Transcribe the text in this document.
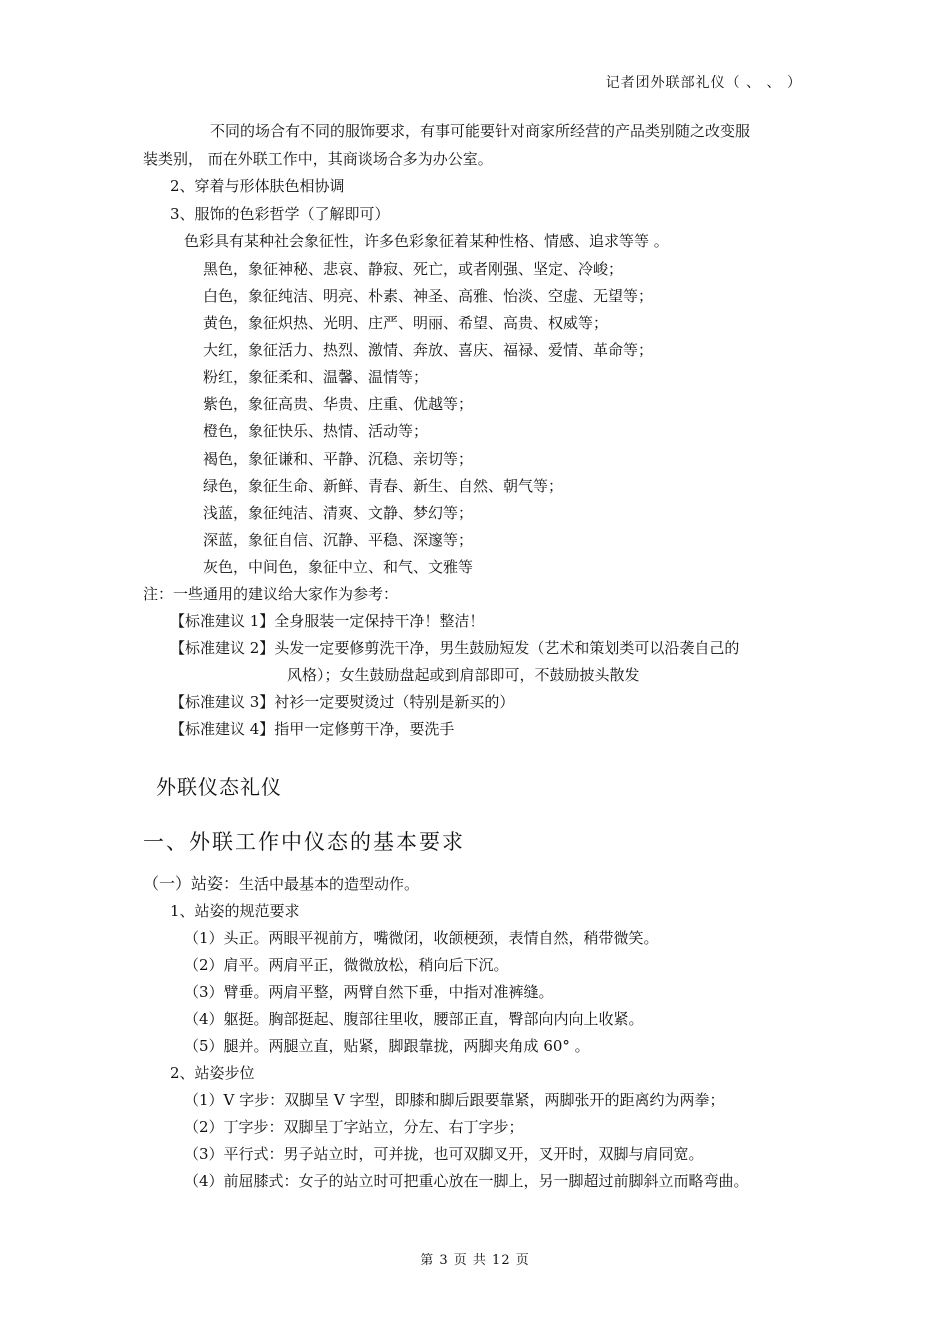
记者团外联部礼仪（ 、 、 ）
不同的场合有不同的服饰要求，有事可能要针对商家所经营的产品类别随之改变服
装类别， 而在外联工作中，其商谈场合多为办公室。
2、穿着与形体肤色相协调
3、服饰的色彩哲学（了解即可）
色彩具有某种社会象征性，许多色彩象征着某种性格、情感、追求等等 。
黑色，象征神秘、悲哀、静寂、死亡，或者刚强、坚定、冷峻；
白色，象征纯洁、明亮、朴素、神圣、高雅、怡淡、空虚、无望等；
黄色，象征炽热、光明、庄严、明丽、希望、高贵、权威等；
大红，象征活力、热烈、激情、奔放、喜庆、福禄、爱情、革命等；
粉红，象征柔和、温馨、温情等；
紫色，象征高贵、华贵、庄重、优越等；
橙色，象征快乐、热情、活动等；
褐色，象征谦和、平静、沉稳、亲切等；
绿色，象征生命、新鲜、青春、新生、自然、朝气等；
浅蓝，象征纯洁、清爽、文静、梦幻等；
深蓝，象征自信、沉静、平稳、深邃等；
灰色，中间色，象征中立、和气、文雅等
注：一些通用的建议给大家作为参考：
【标准建议 1】全身服装一定保持干净！整洁！
【标准建议 2】头发一定要修剪洗干净，男生鼓励短发（艺术和策划类可以沿袭自己的
风格）；女生鼓励盘起或到肩部即可，不鼓励披头散发
【标准建议 3】衬衫一定要熨烫过（特别是新买的）
【标准建议 4】指甲一定修剪干净，要洗手
外联仪态礼仪
一、外联工作中仪态的基本要求
（一）站姿：生活中最基本的造型动作。
1、站姿的规范要求
（1）头正。两眼平视前方，嘴微闭，收颌梗颈，表情自然，稍带微笑。
（2）肩平。两肩平正，微微放松，稍向后下沉。
（3）臂垂。两肩平整，两臂自然下垂，中指对准裤缝。
（4）躯挺。胸部挺起、腹部往里收，腰部正直，臀部向内向上收紧。
（5）腿并。两腿立直，贴紧，脚跟靠拢，两脚夹角成 60° 。
2、站姿步位
（1）V 字步：双脚呈 V 字型，即膝和脚后跟要靠紧，两脚张开的距离约为两拳；
（2）丁字步：双脚呈丁字站立，分左、右丁字步；
（3）平行式：男子站立时，可并拢，也可双脚叉开，叉开时，双脚与肩同宽。
（4）前屈膝式：女子的站立时可把重心放在一脚上，另一脚超过前脚斜立而略弯曲。
第 3 页 共 12 页
